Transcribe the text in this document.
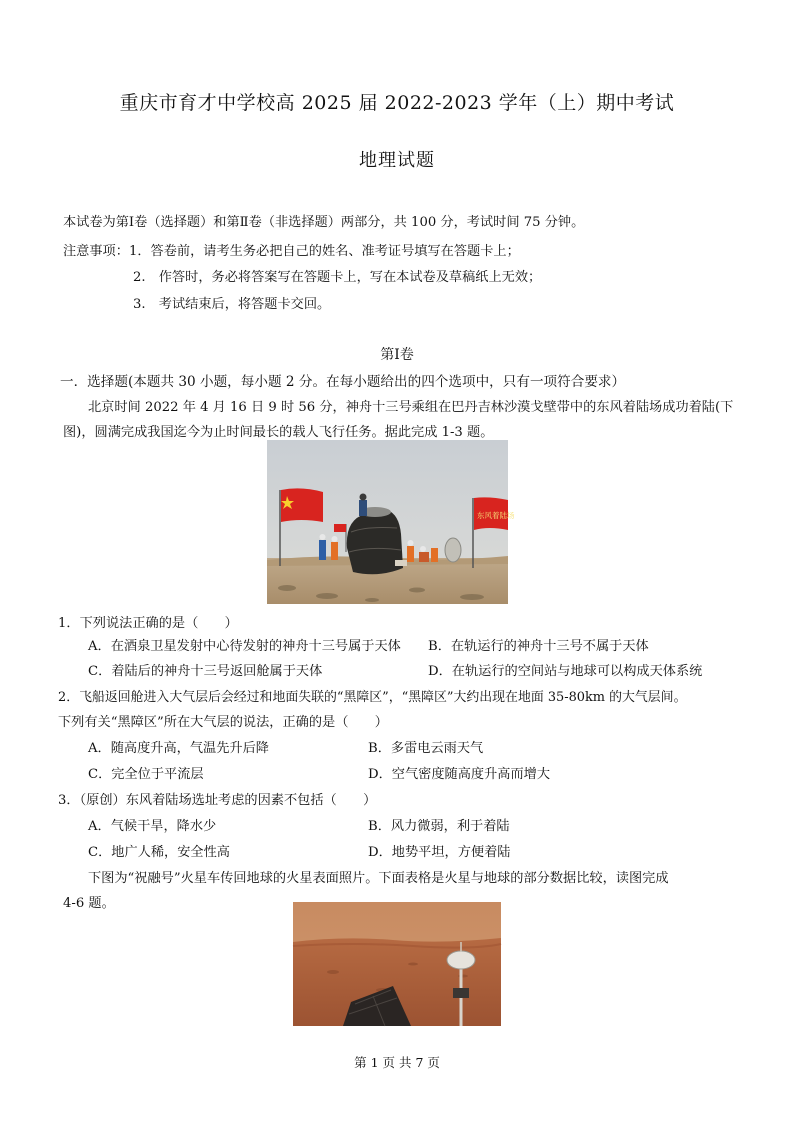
重庆市育才中学校高 2025 届 2022-2023 学年（上）期中考试
地理试题
本试卷为第Ⅰ卷（选择题）和第Ⅱ卷（非选择题）两部分，共 100 分，考试时间 75 分钟。
注意事项：1．答卷前，请考生务必把自己的姓名、准考证号填写在答题卡上；
2.　作答时，务必将答案写在答题卡上，写在本试卷及草稿纸上无效；
3.　考试结束后，将答题卡交回。
第Ⅰ卷
一．选择题(本题共 30 小题，每小题 2 分。在每小题给出的四个选项中，只有一项符合要求）
北京时间 2022 年 4 月 16 日 9 时 56 分，神舟十三号乘组在巴丹吉林沙漠戈壁带中的东风着陆场成功着陆(下
图)，圆满完成我国迄今为止时间最长的载人飞行任务。据此完成 1-3 题。
东风着陆场
1．下列说法正确的是（　　）
A．在酒泉卫星发射中心待发射的神舟十三号属于天体 B．在轨运行的神舟十三号不属于天体
C．着陆后的神舟十三号返回舱属于天体	D．在轨运行的空间站与地球可以构成天体系统
2．飞船返回舱进入大气层后会经过和地面失联的“黑障区”，“黑障区”大约出现在地面 35-80km 的大气层间。
下列有关“黑障区”所在大气层的说法，正确的是（　　）
A．随高度升高，气温先升后降	B．多雷电云雨天气
C．完全位于平流层	D．空气密度随高度升高而增大
3．（原创）东风着陆场选址考虑的因素不包括（　　）
A．气候干旱，降水少	B．风力微弱，利于着陆
C．地广人稀，安全性高	D．地势平坦，方便着陆
下图为“祝融号”火星车传回地球的火星表面照片。下面表格是火星与地球的部分数据比较，读图完成
4-6 题。
第 1 页 共 7 页
